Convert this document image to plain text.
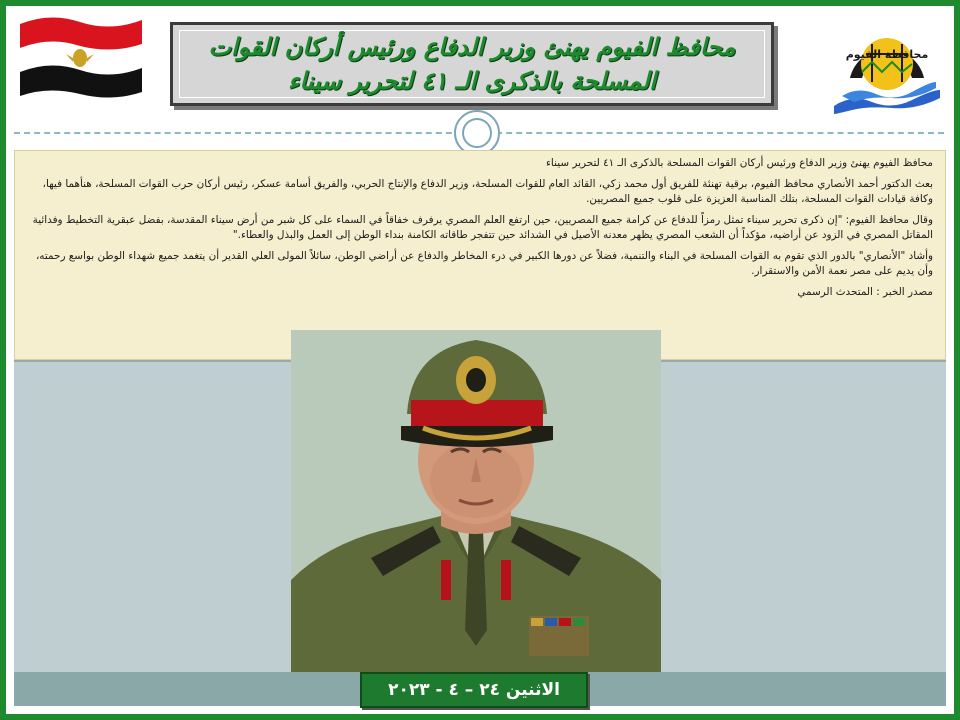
محافظ الفيوم يهنئ وزير الدفاع ورئيس أركان القوات
المسلحة بالذكرى الـ ٤١ لتحرير سيناء
محافظة الفيوم

محافظ الفيوم يهنئ وزير الدفاع ورئيس أركان القوات المسلحة بالذكرى الـ ٤١ لتحرير سيناء

بعث الدكتور أحمد الأنصاري محافظ الفيوم، برقية تهنئة للفريق أول محمد زكي، القائد العام للقوات المسلحة، وزير الدفاع والإنتاج الحربي، والفريق أسامة عسكر، رئيس أركان حرب القوات المسلحة، هنأهما فيها، وكافة قيادات القوات المسلحة، بتلك المناسبة العزيزة على قلوب جميع المصريين.

وقال محافظ الفيوم: "إن ذكرى تحرير سيناء تمثل رمزاً للدفاع عن كرامة جميع المصريين، حين ارتفع العلم المصري يرفرف خفاقاً في السماء على كل شبر من أرض سيناء المقدسة، بفضل عبقرية التخطيط وفدائية المقاتل المصري في الزود عن أراضيه، مؤكداً أن الشعب المصري يظهر معدنه الأصيل في الشدائد حين تتفجر طاقاته الكامنة بنداء الوطن إلى العمل والبذل والعطاء."

وأشاد "الأنصاري" بالدور الذي تقوم به القوات المسلحة في البناء والتنمية، فضلاً عن دورها الكبير في درء المخاطر والدفاع عن أراضي الوطن، سائلاً المولى العلي القدير أن يتغمد جميع شهداء الوطن بواسع رحمته، وأن يديم على مصر نعمة الأمن والاستقرار.

مصدر الخبر : المتحدث الرسمي

الاثنين ٢٤ – ٤ - ٢٠٢٣
